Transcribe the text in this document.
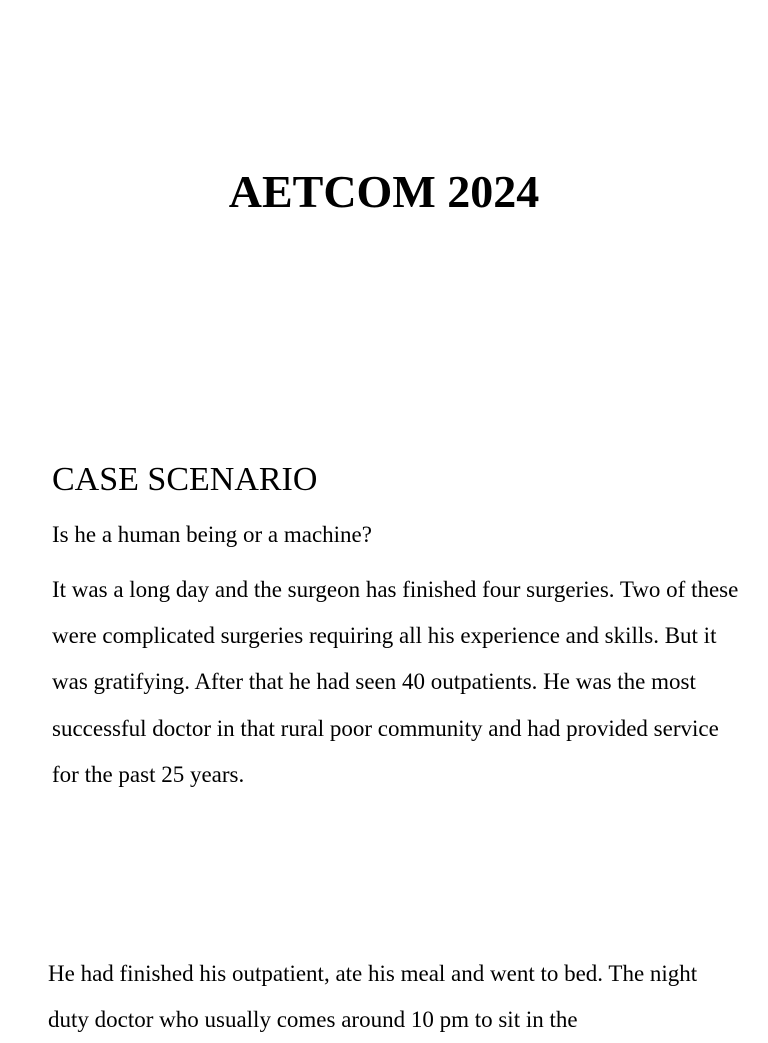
AETCOM 2024
CASE SCENARIO

Is he a human being or a machine?

It was a long day and the surgeon has finished four surgeries. Two of these were complicated surgeries requiring all his experience and skills. But it was gratifying. After that he had seen 40 outpatients. He was the most successful doctor in that rural poor community and had provided service for the past 25 years.

He had finished his outpatient, ate his meal and went to bed. The night duty doctor who usually comes around 10 pm to sit in the
